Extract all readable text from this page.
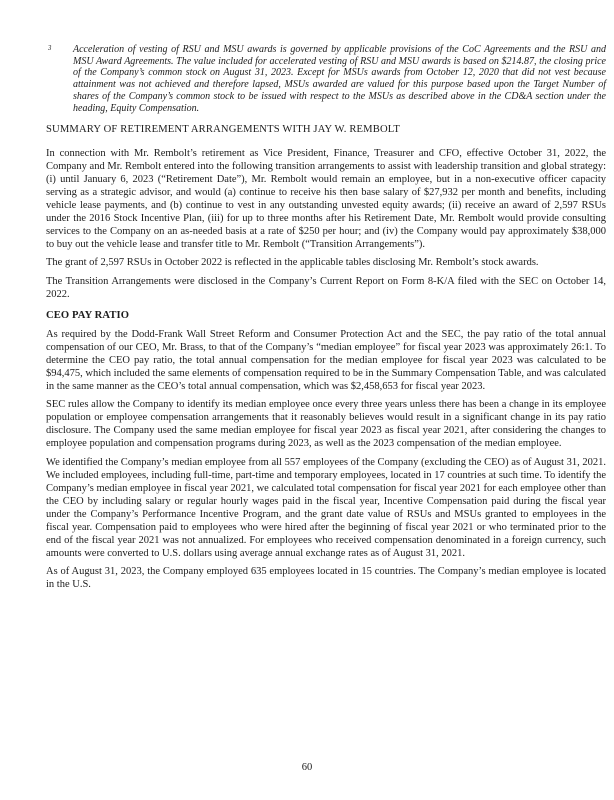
3	Acceleration of vesting of RSU and MSU awards is governed by applicable provisions of the CoC Agreements and the RSU and MSU Award Agreements. The value included for accelerated vesting of RSU and MSU awards is based on $214.87, the closing price of the Company’s common stock on August 31, 2023. Except for MSUs awards from October 12, 2020 that did not vest because attainment was not achieved and therefore lapsed, MSUs awarded are valued for this purpose based upon the Target Number of shares of the Company’s common stock to be issued with respect to the MSUs as described above in the CD&A section under the heading, Equity Compensation.

SUMMARY OF RETIREMENT ARRANGEMENTS WITH JAY W. REMBOLT

In connection with Mr. Rembolt’s retirement as Vice President, Finance, Treasurer and CFO, effective October 31, 2022, the Company and Mr. Rembolt entered into the following transition arrangements to assist with leadership transition and global strategy: (i) until January 6, 2023 (“Retirement Date”), Mr. Rembolt would remain an employee, but in a non-executive officer capacity serving as a strategic advisor, and would (a) continue to receive his then base salary of $27,932 per month and benefits, including vehicle lease payments, and (b) continue to vest in any outstanding unvested equity awards; (ii) receive an award of 2,597 RSUs under the 2016 Stock Incentive Plan, (iii) for up to three months after his Retirement Date, Mr. Rembolt would provide consulting services to the Company on an as-needed basis at a rate of $250 per hour; and (iv) the Company would pay approximately $38,000 to buy out the vehicle lease and transfer title to Mr. Rembolt (“Transition Arrangements”).

The grant of 2,597 RSUs in October 2022 is reflected in the applicable tables disclosing Mr. Rembolt’s stock awards.

The Transition Arrangements were disclosed in the Company’s Current Report on Form 8-K/A filed with the SEC on October 14, 2022.

CEO PAY RATIO

As required by the Dodd-Frank Wall Street Reform and Consumer Protection Act and the SEC, the pay ratio of the total annual compensation of our CEO, Mr. Brass, to that of the Company’s “median employee” for fiscal year 2023 was approximately 26:1. To determine the CEO pay ratio, the total annual compensation for the median employee for fiscal year 2023 was calculated to be $94,475, which included the same elements of compensation required to be in the Summary Compensation Table, and was calculated in the same manner as the CEO’s total annual compensation, which was $2,458,653 for fiscal year 2023.

SEC rules allow the Company to identify its median employee once every three years unless there has been a change in its employee population or employee compensation arrangements that it reasonably believes would result in a significant change in its pay ratio disclosure. The Company used the same median employee for fiscal year 2023 as fiscal year 2021, after considering the changes to employee population and compensation programs during 2023, as well as the 2023 compensation of the median employee.

We identified the Company’s median employee from all 557 employees of the Company (excluding the CEO) as of August 31, 2021. We included employees, including full-time, part-time and temporary employees, located in 17 countries at such time. To identify the Company’s median employee in fiscal year 2021, we calculated total compensation for fiscal year 2021 for each employee other than the CEO by including salary or regular hourly wages paid in the fiscal year, Incentive Compensation paid during the fiscal year under the Company’s Performance Incentive Program, and the grant date value of RSUs and MSUs granted to employees in the fiscal year. Compensation paid to employees who were hired after the beginning of fiscal year 2021 or who terminated prior to the end of the fiscal year 2021 was not annualized. For employees who received compensation denominated in a foreign currency, such amounts were converted to U.S. dollars using average annual exchange rates as of August 31, 2021.

As of August 31, 2023, the Company employed 635 employees located in 15 countries. The Company’s median employee is located in the U.S.

60
